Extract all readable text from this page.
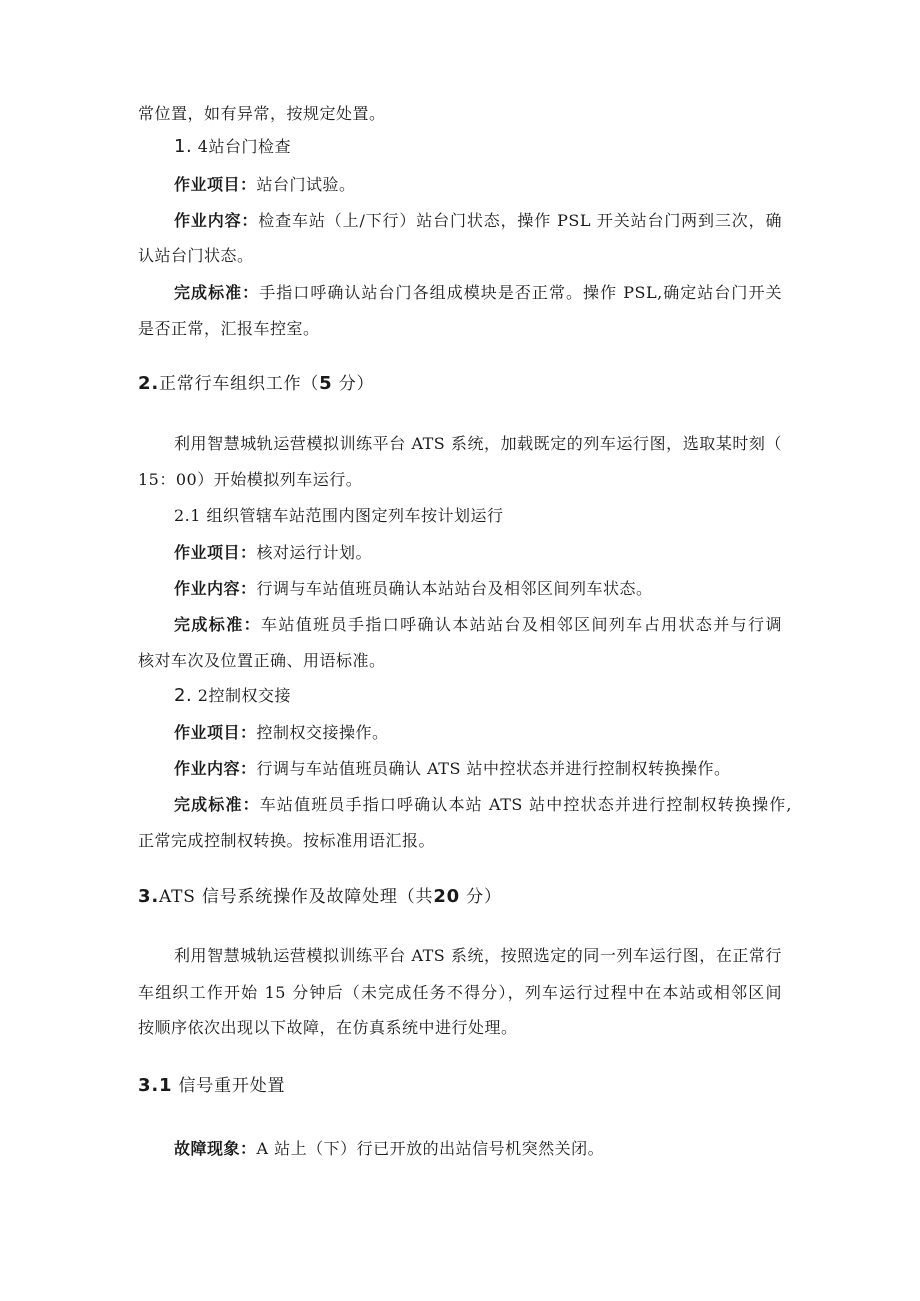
常位置，如有异常，按规定处置。
1. 4站台门检查
作业项目：站台门试验。
作业内容：检查车站（上/下行）站台门状态，操作 PSL 开关站台门两到三次，确
认站台门状态。
完成标准：手指口呼确认站台门各组成模块是否正常。操作 PSL,确定站台门开关
是否正常，汇报车控室。
2.正常行车组织工作（5 分）
利用智慧城轨运营模拟训练平台 ATS 系统，加载既定的列车运行图，选取某时刻（
15：00）开始模拟列车运行。
2.1 组织管辖车站范围内图定列车按计划运行
作业项目：核对运行计划。
作业内容：行调与车站值班员确认本站站台及相邻区间列车状态。
完成标准：车站值班员手指口呼确认本站站台及相邻区间列车占用状态并与行调
核对车次及位置正确、用语标准。
2. 2控制权交接
作业项目：控制权交接操作。
作业内容：行调与车站值班员确认 ATS 站中控状态并进行控制权转换操作。
完成标准：车站值班员手指口呼确认本站 ATS 站中控状态并进行控制权转换操作,
正常完成控制权转换。按标准用语汇报。
3.ATS 信号系统操作及故障处理（共20 分）
利用智慧城轨运营模拟训练平台 ATS 系统，按照选定的同一列车运行图，在正常行
车组织工作开始 15 分钟后（未完成任务不得分），列车运行过程中在本站或相邻区间
按顺序依次出现以下故障，在仿真系统中进行处理。
3.1 信号重开处置
故障现象：A 站上（下）行已开放的出站信号机突然关闭。
